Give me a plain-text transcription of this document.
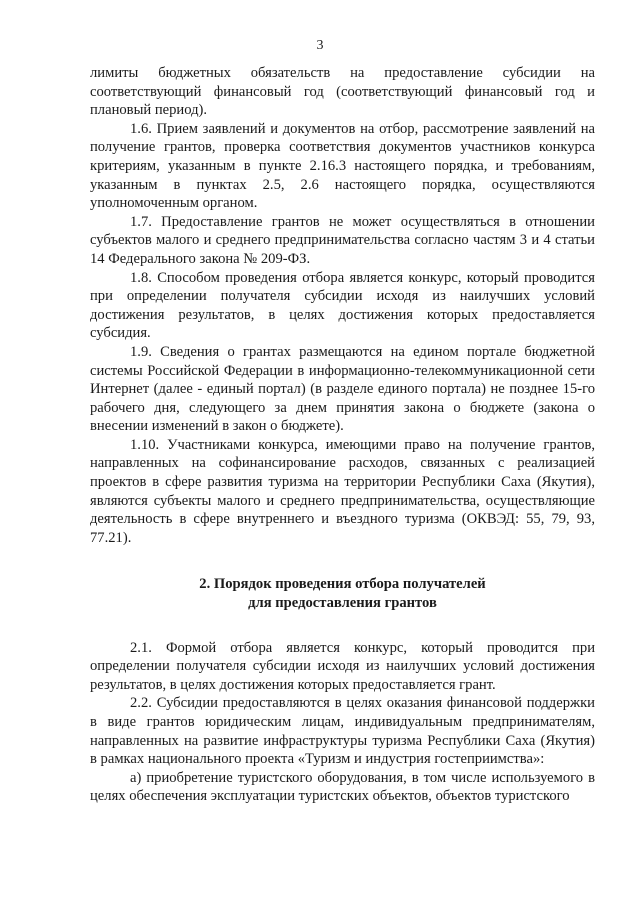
3

лимиты бюджетных обязательств на предоставление субсидии на соответствующий финансовый год (соответствующий финансовый год и плановый период).

1.6. Прием заявлений и документов на отбор, рассмотрение заявлений на получение грантов, проверка соответствия документов участников конкурса критериям, указанным в пункте 2.16.3 настоящего порядка, и требованиям, указанным в пунктах 2.5, 2.6 настоящего порядка, осуществляются уполномоченным органом.

1.7. Предоставление грантов не может осуществляться в отношении субъектов малого и среднего предпринимательства согласно частям 3 и 4 статьи 14 Федерального закона № 209-ФЗ.

1.8. Способом проведения отбора является конкурс, который проводится при определении получателя субсидии исходя из наилучших условий достижения результатов, в целях достижения которых предоставляется субсидия.

1.9. Сведения о грантах размещаются на едином портале бюджетной системы Российской Федерации в информационно-телекоммуникационной сети Интернет (далее - единый портал) (в разделе единого портала) не позднее 15-го рабочего дня, следующего за днем принятия закона о бюджете (закона о внесении изменений в закон о бюджете).

1.10. Участниками конкурса, имеющими право на получение грантов, направленных на софинансирование расходов, связанных с реализацией проектов в сфере развития туризма на территории Республики Саха (Якутия), являются субъекты малого и среднего предпринимательства, осуществляющие деятельность в сфере внутреннего и въездного туризма (ОКВЭД: 55, 79, 93, 77.21).

2. Порядок проведения отбора получателей
для предоставления грантов

2.1. Формой отбора является конкурс, который проводится при определении получателя субсидии исходя из наилучших условий достижения результатов, в целях достижения которых предоставляется грант.

2.2. Субсидии предоставляются в целях оказания финансовой поддержки в виде грантов юридическим лицам, индивидуальным предпринимателям, направленных на развитие инфраструктуры туризма Республики Саха (Якутия) в рамках национального проекта «Туризм и индустрия гостеприимства»:

а) приобретение туристского оборудования, в том числе используемого в целях обеспечения эксплуатации туристских объектов, объектов туристского
